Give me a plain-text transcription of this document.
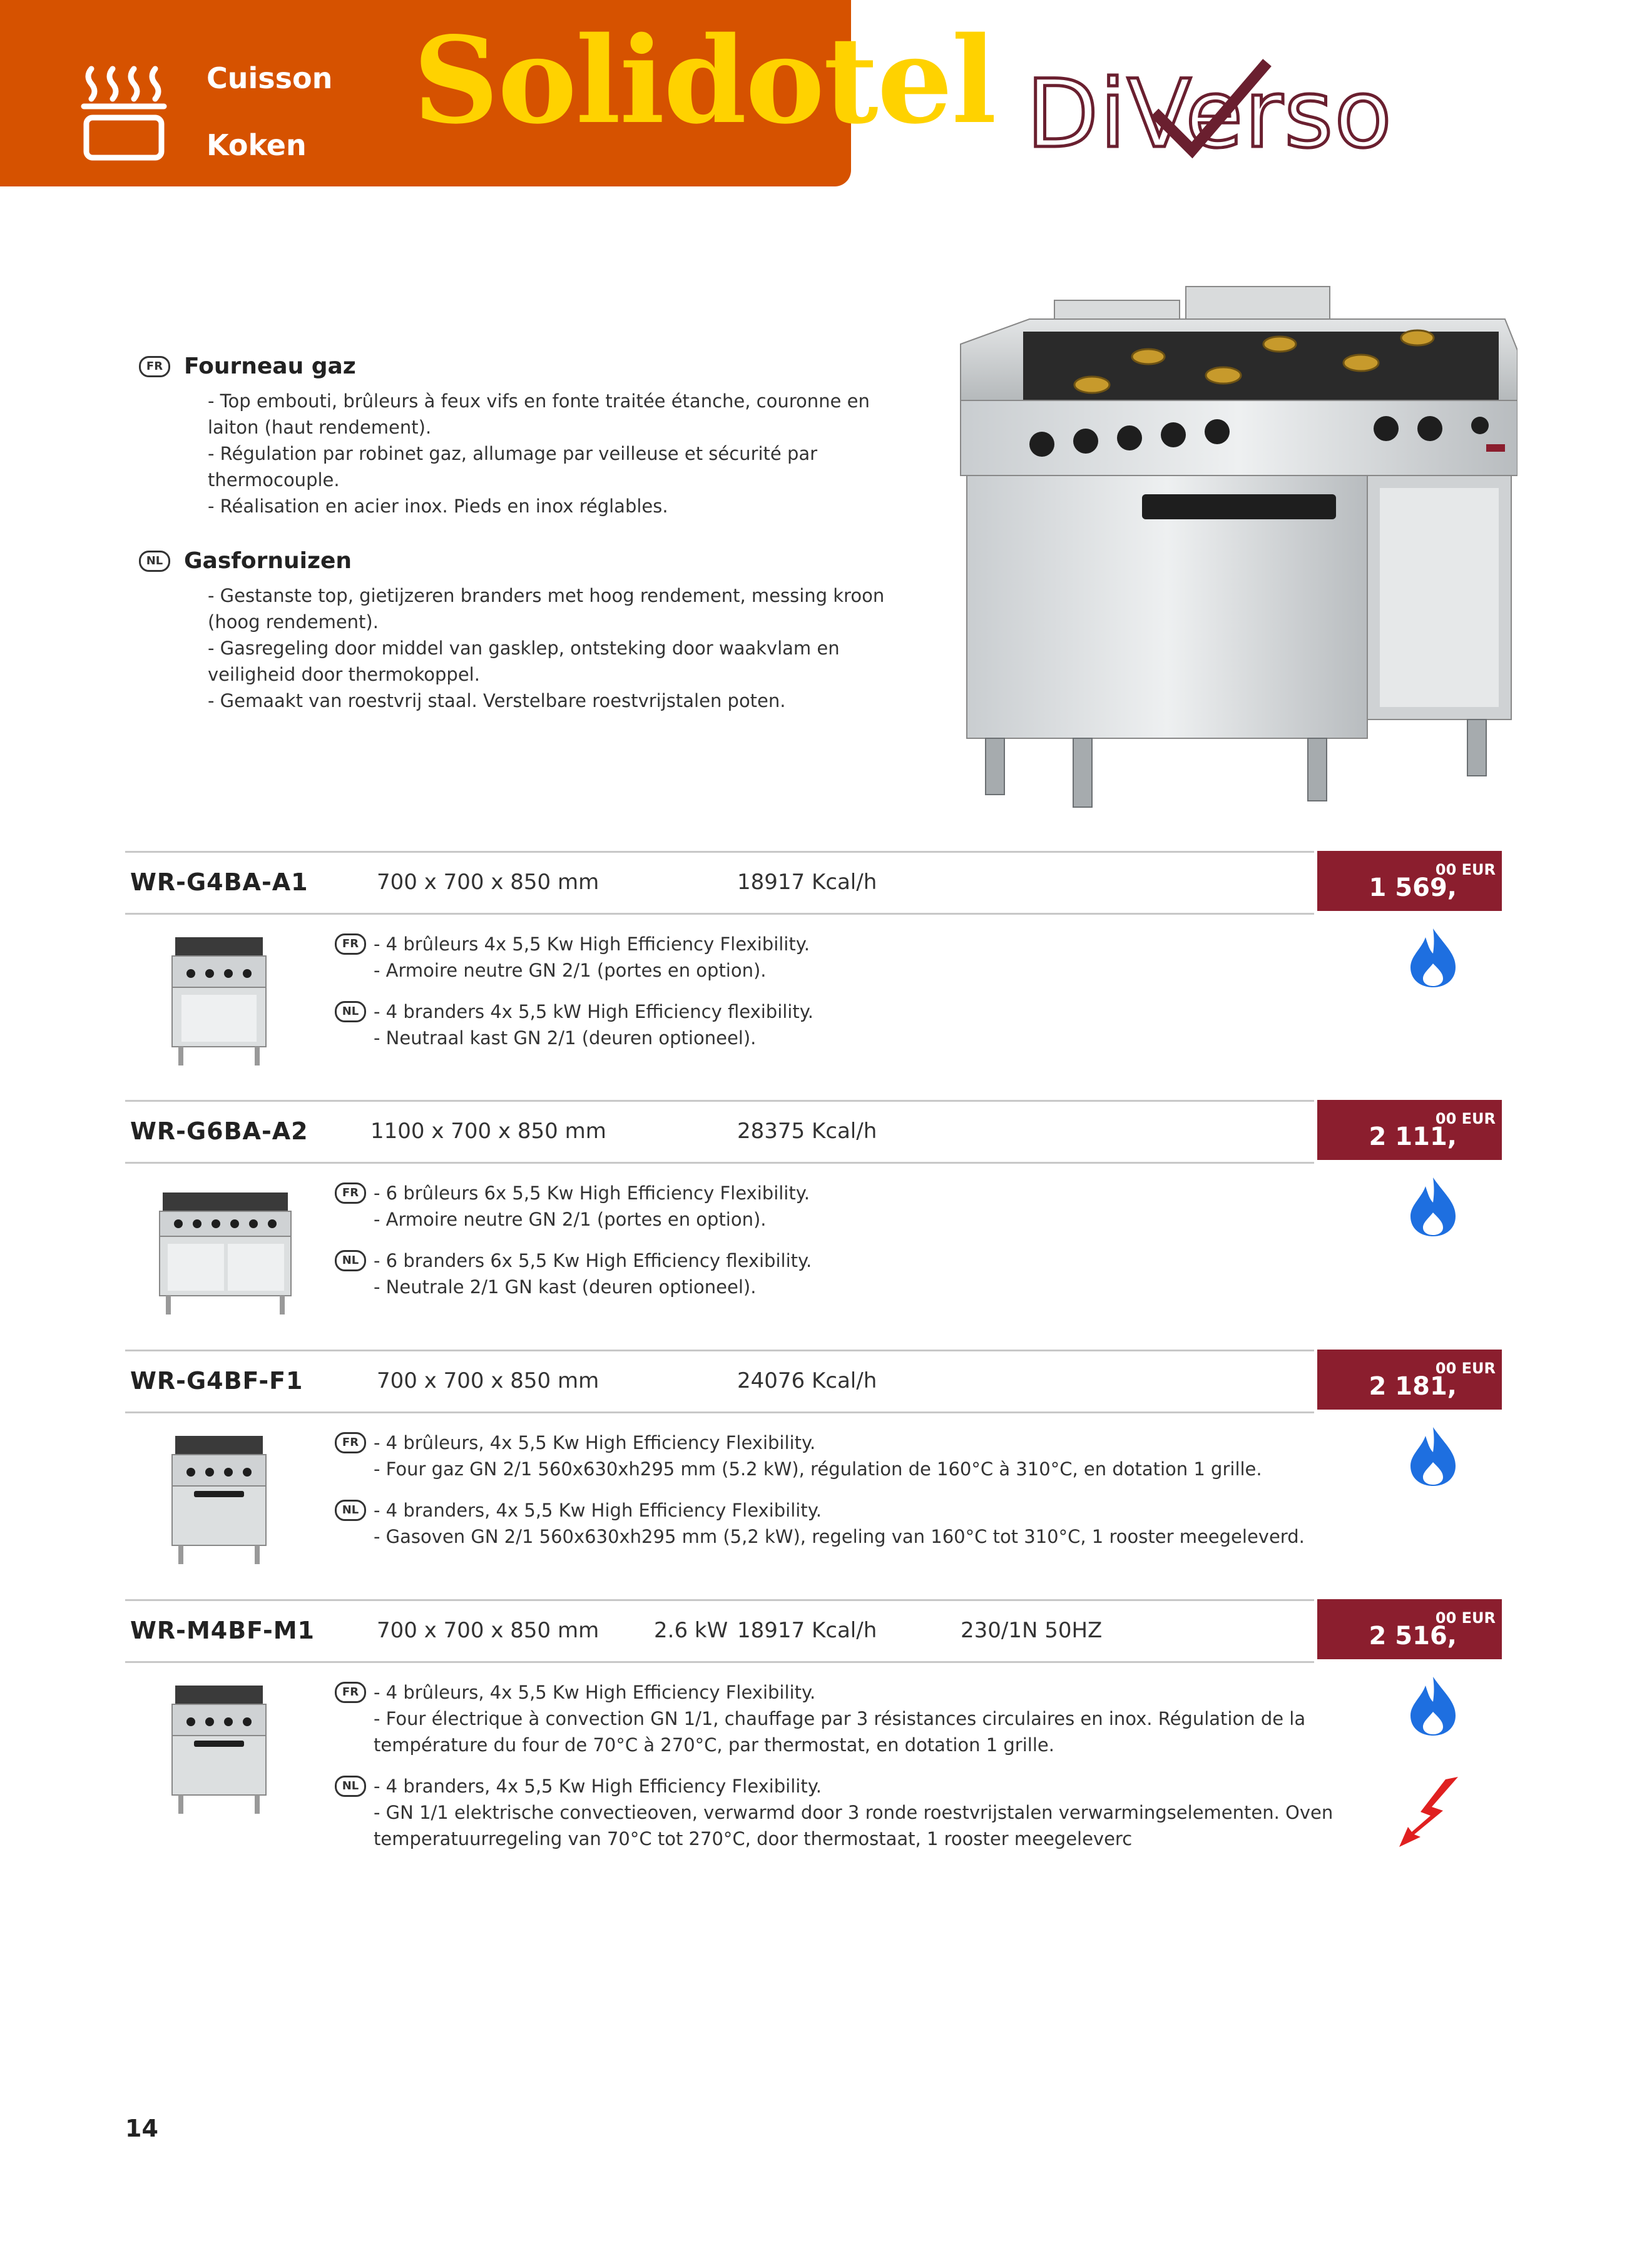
Cuisson
Koken Solidotel DiVerso
FR Fourneau gaz

- Top embouti, brûleurs à feux vifs en fonte traitée étanche, couronne en
laiton (haut rendement).
- Régulation par robinet gaz, allumage par veilleuse et sécurité par
thermocouple.
- Réalisation en acier inox. Pieds en inox réglables.

NL Gasfornuizen

- Gestanste top, gietijzeren branders met hoog rendement, messing kroon
(hoog rendement).
- Gasregeling door middel van gasklep, ontsteking door waakvlam en
veiligheid door thermokoppel.
- Gemaakt van roestvrij staal. Verstelbare roestvrijstalen poten.

WR-G4BA-A1	700 x 700 x 850 mm	18917 Kcal/h	1 569,
00 EUR
FR - 4 brûleurs 4x 5,5 Kw High Efficiency Flexibility.
- Armoire neutre GN 2/1 (portes en option).
NL - 4 branders 4x 5,5 kW High Efficiency flexibility.
- Neutraal kast GN 2/1 (deuren optioneel).
WR-G6BA-A2	1100 x 700 x 850 mm	28375 Kcal/h	2 111,
00 EUR
FR - 6 brûleurs 6x 5,5 Kw High Efficiency Flexibility.
- Armoire neutre GN 2/1 (portes en option).
NL - 6 branders 6x 5,5 Kw High Efficiency flexibility.
- Neutrale 2/1 GN kast (deuren optioneel).
WR-G4BF-F1	700 x 700 x 850 mm	24076 Kcal/h	2 181,
00 EUR
FR - 4 brûleurs, 4x 5,5 Kw High Efficiency Flexibility.
- Four gaz GN 2/1 560x630xh295 mm (5.2 kW), régulation de 160°C à 310°C, en dotation 1 grille.
NL - 4 branders, 4x 5,5 Kw High Efficiency Flexibility.
- Gasoven GN 2/1 560x630xh295 mm (5,2 kW), regeling van 160°C tot 310°C, 1 rooster meegeleverd.
WR-M4BF-M1	700 x 700 x 850 mm	2.6 kW 18917 Kcal/h	230/1N 50HZ	2 516,
00 EUR
FR - 4 brûleurs, 4x 5,5 Kw High Efficiency Flexibility.
- Four électrique à convection GN 1/1, chauffage par 3 résistances circulaires en inox. Régulation de la
température du four de 70°C à 270°C, par thermostat, en dotation 1 grille.
NL - 4 branders, 4x 5,5 Kw High Efficiency Flexibility.
- GN 1/1 elektrische convectieoven, verwarmd door 3 ronde roestvrijstalen verwarmingselementen. Oven
temperatuurregeling van 70°C tot 270°C, door thermostaat, 1 rooster meegeleverc
14
